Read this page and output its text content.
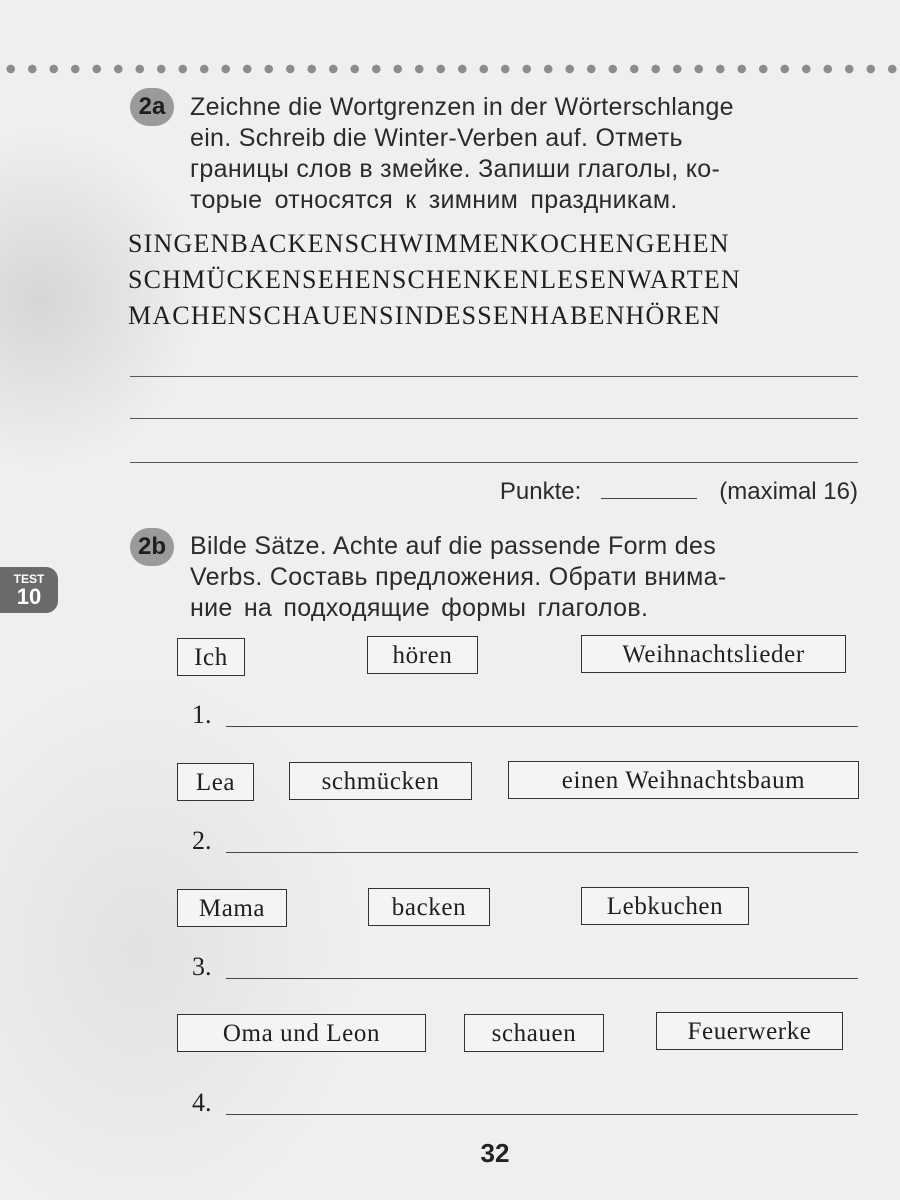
2a Zeichne die Wortgrenzen in der Wörterschlange
ein. Schreib die Winter-Verben auf. Отметь
границы слов в змейке. Запиши глаголы, ко-
торые относятся к зимним праздникам.
SINGENBACKENSCHWIMMENKOCHENGEHEN
SCHMÜCKENSEHENSCHENKENLESENWARTEN
MACHENSCHAUENSINDESSENHABENHÖREN
Punkte:	(maximal 16)
TEST
10
2b Bilde Sätze. Achte auf die passende Form des
Verbs. Составь предложения. Обрати внима-
ние на подходящие формы глаголов.
Ich	hören	Weihnachtslieder
1.
Lea	schmücken	einen Weihnachtsbaum
2.
Mama	backen	Lebkuchen
3.
Oma und Leon	schauen	Feuerwerke
4.
32
